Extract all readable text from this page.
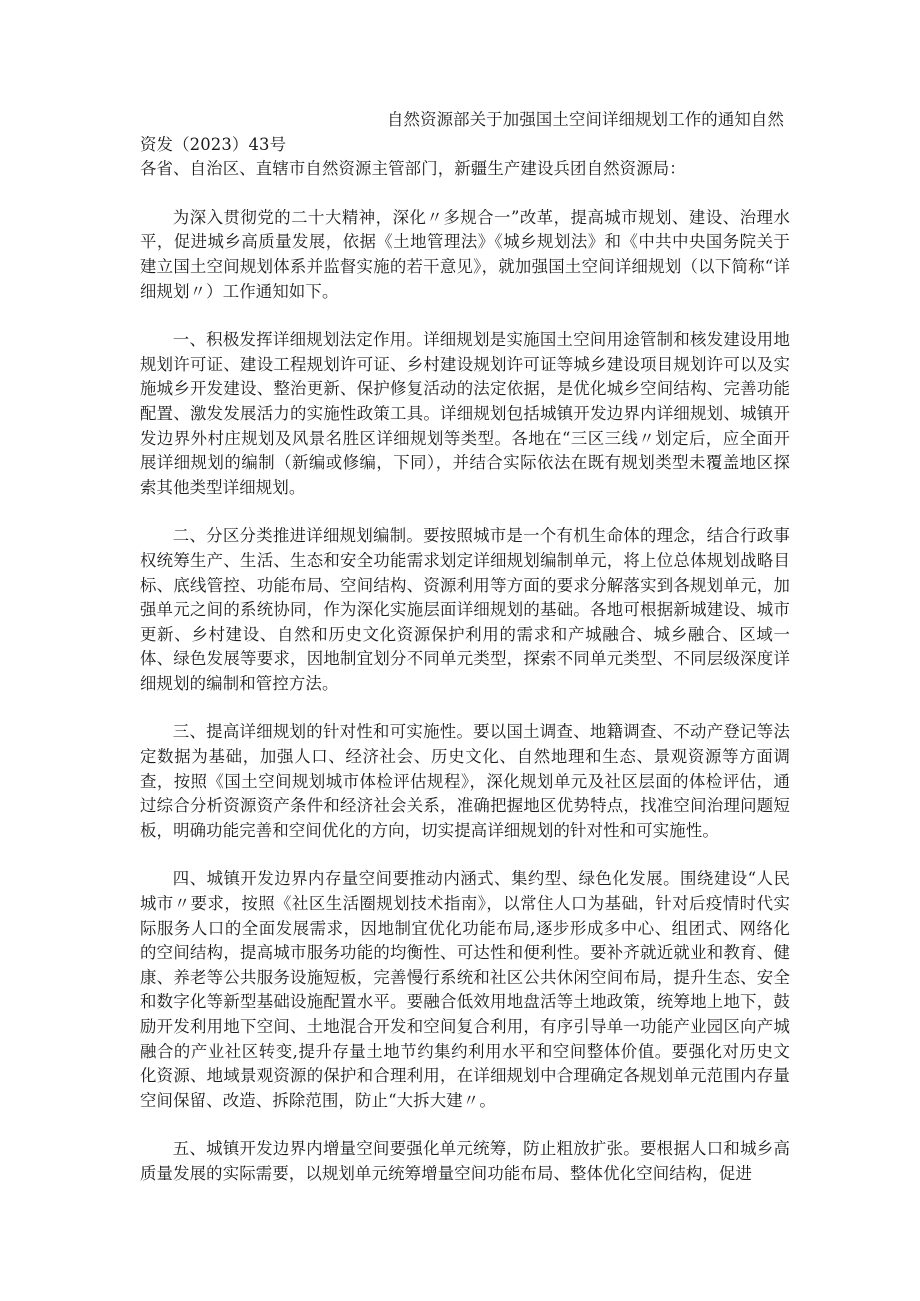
自然资源部关于加强国土空间详细规划工作的通知自然

资发（2023）43号

各省、自治区、直辖市自然资源主管部门，新疆生产建设兵团自然资源局：

为深入贯彻党的二十大精神，深化〃多规合一”改革，提高城市规划、建设、治理水平，促进城乡高质量发展，依据《土地管理法》《城乡规划法》和《中共中央国务院关于建立国土空间规划体系并监督实施的若干意见》，就加强国土空间详细规划（以下简称“详细规划〃）工作通知如下。

一、积极发挥详细规划法定作用。详细规划是实施国土空间用途管制和核发建设用地规划许可证、建设工程规划许可证、乡村建设规划许可证等城乡建设项目规划许可以及实施城乡开发建设、整治更新、保护修复活动的法定依据，是优化城乡空间结构、完善功能配置、激发发展活力的实施性政策工具。详细规划包括城镇开发边界内详细规划、城镇开发边界外村庄规划及风景名胜区详细规划等类型。各地在“三区三线〃划定后，应全面开展详细规划的编制（新编或修编，下同），并结合实际依法在既有规划类型未覆盖地区探索其他类型详细规划。

二、分区分类推进详细规划编制。要按照城市是一个有机生命体的理念，结合行政事权统筹生产、生活、生态和安全功能需求划定详细规划编制单元，将上位总体规划战略目标、底线管控、功能布局、空间结构、资源利用等方面的要求分解落实到各规划单元，加强单元之间的系统协同，作为深化实施层面详细规划的基础。各地可根据新城建设、城市更新、乡村建设、自然和历史文化资源保护利用的需求和产城融合、城乡融合、区域一体、绿色发展等要求，因地制宜划分不同单元类型，探索不同单元类型、不同层级深度详细规划的编制和管控方法。

三、提高详细规划的针对性和可实施性。要以国土调查、地籍调查、不动产登记等法定数据为基础，加强人口、经济社会、历史文化、自然地理和生态、景观资源等方面调查，按照《国土空间规划城市体检评估规程》，深化规划单元及社区层面的体检评估，通过综合分析资源资产条件和经济社会关系，准确把握地区优势特点，找准空间治理问题短板，明确功能完善和空间优化的方向，切实提高详细规划的针对性和可实施性。

四、城镇开发边界内存量空间要推动内涵式、集约型、绿色化发展。围绕建设“人民城市〃要求，按照《社区生活圈规划技术指南》，以常住人口为基础，针对后疫情时代实际服务人口的全面发展需求，因地制宜优化功能布局,逐步形成多中心、组团式、网络化的空间结构，提高城市服务功能的均衡性、可达性和便利性。要补齐就近就业和教育、健康、养老等公共服务设施短板，完善慢行系统和社区公共休闲空间布局，提升生态、安全和数字化等新型基础设施配置水平。要融合低效用地盘活等土地政策，统筹地上地下，鼓励开发利用地下空间、土地混合开发和空间复合利用，有序引导单一功能产业园区向产城融合的产业社区转变,提升存量土地节约集约利用水平和空间整体价值。要强化对历史文化资源、地域景观资源的保护和合理利用，在详细规划中合理确定各规划单元范围内存量空间保留、改造、拆除范围，防止“大拆大建〃。

五、城镇开发边界内增量空间要强化单元统筹，防止粗放扩张。要根据人口和城乡高质量发展的实际需要，以规划单元统筹增量空间功能布局、整体优化空间结构，促进
